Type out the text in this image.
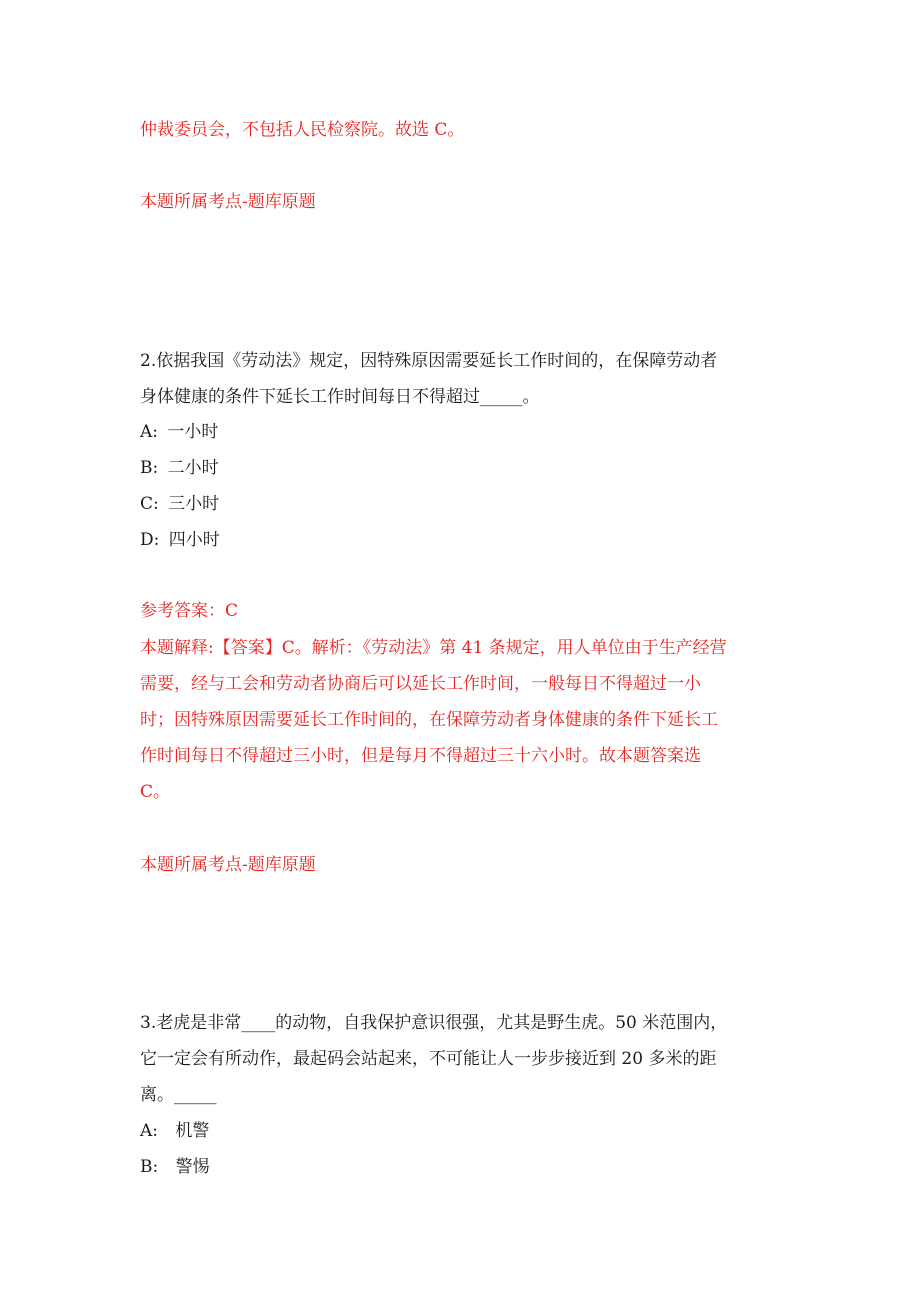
仲裁委员会，不包括人民检察院。故选 C。
本题所属考点-题库原题
2.依据我国《劳动法》规定，因特殊原因需要延长工作时间的，在保障劳动者
身体健康的条件下延长工作时间每日不得超过_____。
A: 一小时
B: 二小时
C: 三小时
D: 四小时
参考答案：C
本题解释:【答案】C。解析：《劳动法》第 41 条规定，用人单位由于生产经营
需要，经与工会和劳动者协商后可以延长工作时间，一般每日不得超过一小
时；因特殊原因需要延长工作时间的，在保障劳动者身体健康的条件下延长工
作时间每日不得超过三小时，但是每月不得超过三十六小时。故本题答案选
C。
本题所属考点-题库原题
3.老虎是非常____的动物，自我保护意识很强，尤其是野生虎。50 米范围内，
它一定会有所动作，最起码会站起来，不可能让人一步步接近到 20 多米的距
离。_____
A: 机警
B: 警惕
